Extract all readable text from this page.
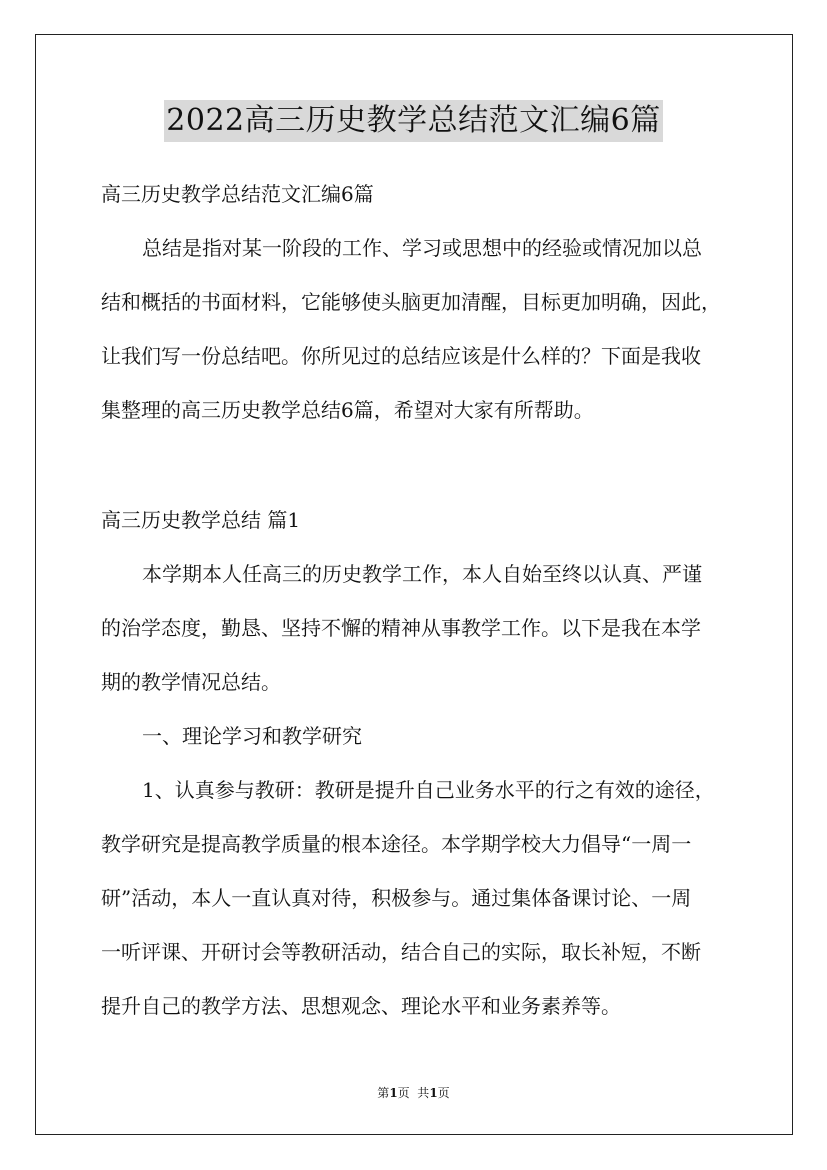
2022高三历史教学总结范文汇编6篇
高三历史教学总结范文汇编6篇
总结是指对某一阶段的工作、学习或思想中的经验或情况加以总
结和概括的书面材料，它能够使头脑更加清醒，目标更加明确，因此，
让我们写一份总结吧。你所见过的总结应该是什么样的？下面是我收
集整理的高三历史教学总结6篇，希望对大家有所帮助。
高三历史教学总结 篇1
本学期本人任高三的历史教学工作，本人自始至终以认真、严谨
的治学态度，勤恳、坚持不懈的精神从事教学工作。以下是我在本学
期的教学情况总结。
一、理论学习和教学研究
1、认真参与教研：教研是提升自己业务水平的行之有效的途径，
教学研究是提高教学质量的根本途径。本学期学校大力倡导“一周一
研”活动，本人一直认真对待，积极参与。通过集体备课讨论、一周
一听评课、开研讨会等教研活动，结合自己的实际，取长补短，不断
提升自己的教学方法、思想观念、理论水平和业务素养等。
第1页  共1页
